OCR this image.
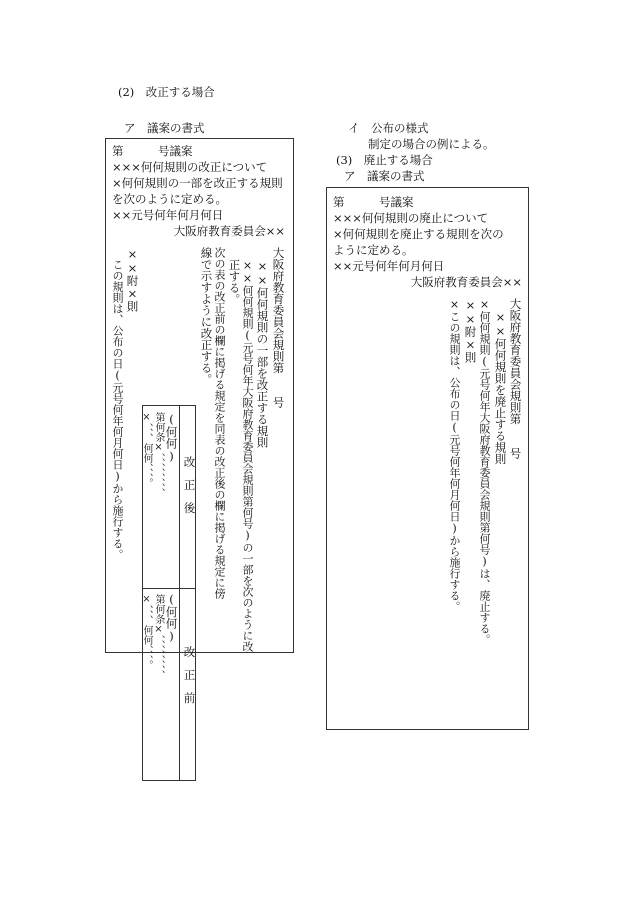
(2)　改正する場合
ア　議案の書式
第　　　号議案
×××何何規則の改正について
×何何規則の一部を改正する規則
を次のように定める。
××元号何年何月何日
大阪府教育委員会××
大阪府教育委員会規則第　　号
××何何規則の一部を改正する規則
××何何規則(元号何年大阪府教育委員会規則第何号)の一部を次のように改
正する。
次の表の改正前の欄に掲げる規定を同表の改正後の欄に掲げる規定に傍
線で示すように改正する。
改　正　後
改　正　前
(何何)
第何条×、、、、、、、、
×、、、何何、、、。
(何何)
第何条×、、、、、、、、
×、、、何何、、、。
××附×則
この規則は、公布の日(元号何年何月何日)から施行する。
イ　公布の様式
制定の場合の例による。
(3)　廃止する場合
ア　議案の書式
第　　　号議案
×××何何規則の廃止について
×何何規則を廃止する規則を次の
ように定める。
××元号何年何月何日
大阪府教育委員会××
大阪府教育委員会規則第　　号
××何何規則を廃止する規則
×何何規則(元号何年大阪府教育委員会規則第何号)は、廃止する。
××附×則
×この規則は、公布の日(元号何年何月何日)から施行する。
